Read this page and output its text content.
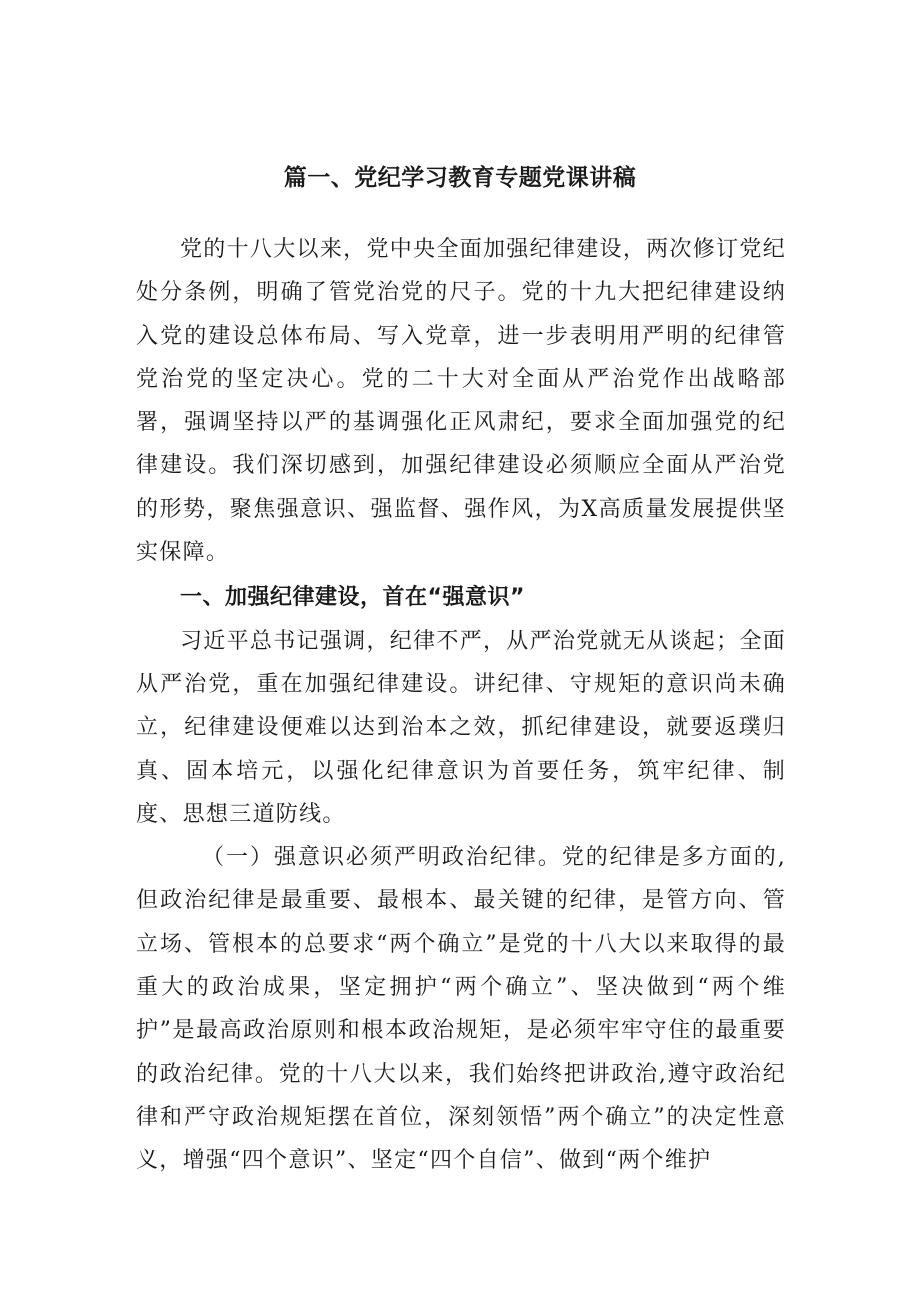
篇一、党纪学习教育专题党课讲稿

党的十八大以来，党中央全面加强纪律建设，两次修订党纪处分条例，明确了管党治党的尺子。党的十九大把纪律建设纳入党的建设总体布局、写入党章，进一步表明用严明的纪律管党治党的坚定决心。党的二十大对全面从严治党作出战略部署，强调坚持以严的基调强化正风肃纪，要求全面加强党的纪律建设。我们深切感到，加强纪律建设必须顺应全面从严治党的形势，聚焦强意识、强监督、强作风，为X高质量发展提供坚实保障。

一、加强纪律建设，首在“强意识”

习近平总书记强调，纪律不严，从严治党就无从谈起；全面从严治党，重在加强纪律建设。讲纪律、守规矩的意识尚未确立，纪律建设便难以达到治本之效，抓纪律建设，就要返璞归真、固本培元，以强化纪律意识为首要任务，筑牢纪律、制度、思想三道防线。

（一）强意识必须严明政治纪律。党的纪律是多方面的,但政治纪律是最重要、最根本、最关键的纪律，是管方向、管立场、管根本的总要求“两个确立”是党的十八大以来取得的最重大的政治成果，坚定拥护“两个确立”、坚决做到“两个维护”是最高政治原则和根本政治规矩，是必须牢牢守住的最重要的政治纪律。党的十八大以来，我们始终把讲政治,遵守政治纪律和严守政治规矩摆在首位，深刻领悟”两个确立”的决定性意义，增强“四个意识”、坚定“四个自信”、做到“两个维护
